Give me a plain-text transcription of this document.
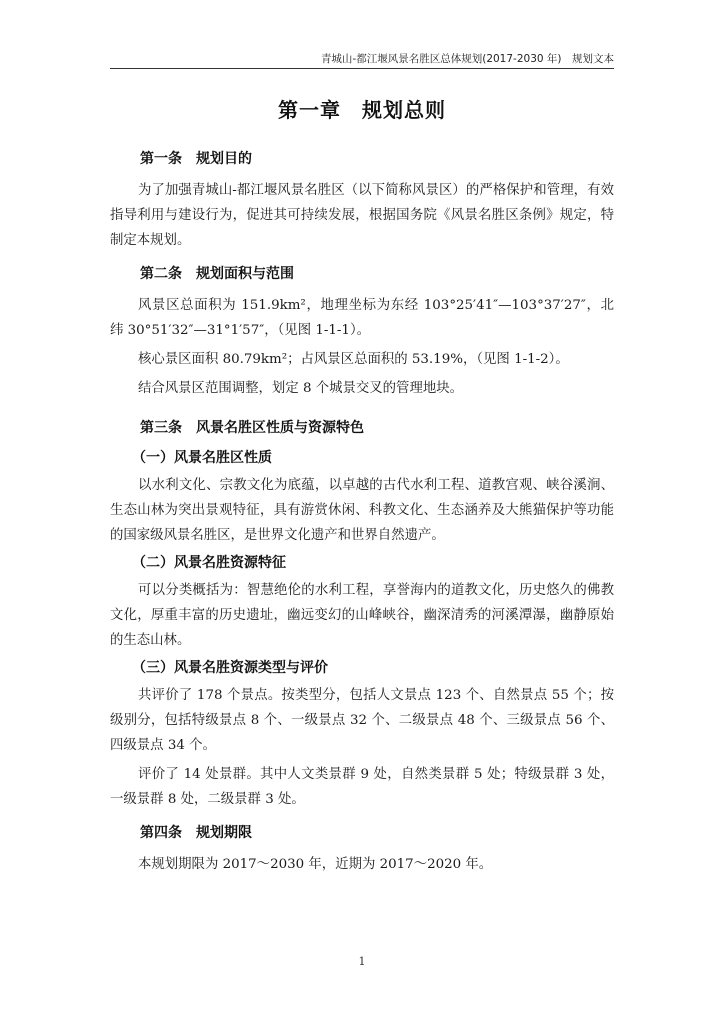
青城山-都江堰风景名胜区总体规划(2017-2030 年)　规划文本
第一章　规划总则
第一条　规划目的

为了加强青城山-都江堰风景名胜区（以下简称风景区）的严格保护和管理，有效指导利用与建设行为，促进其可持续发展，根据国务院《风景名胜区条例》规定，特制定本规划。

第二条　规划面积与范围

风景区总面积为 151.9km²，地理坐标为东经 103°25′41″—103°37′27″，北纬 30°51′32″—31°1′57″，（见图 1-1-1）。

核心景区面积 80.79km²；占风景区总面积的 53.19%，（见图 1-1-2）。

结合风景区范围调整，划定 8 个城景交叉的管理地块。

第三条　风景名胜区性质与资源特色
（一）风景名胜区性质

以水利文化、宗教文化为底蕴，以卓越的古代水利工程、道教宫观、峡谷溪涧、生态山林为突出景观特征，具有游赏休闲、科教文化、生态涵养及大熊猫保护等功能的国家级风景名胜区，是世界文化遗产和世界自然遗产。

（二）风景名胜资源特征

可以分类概括为：智慧绝伦的水利工程，享誉海内的道教文化，历史悠久的佛教文化，厚重丰富的历史遗址，幽远变幻的山峰峡谷，幽深清秀的河溪潭瀑，幽静原始的生态山林。

（三）风景名胜资源类型与评价

共评价了 178 个景点。按类型分，包括人文景点 123 个、自然景点 55 个；按级别分，包括特级景点 8 个、一级景点 32 个、二级景点 48 个、三级景点 56 个、四级景点 34 个。

评价了 14 处景群。其中人文类景群 9 处，自然类景群 5 处；特级景群 3 处，一级景群 8 处，二级景群 3 处。

第四条　规划期限

本规划期限为 2017～2030 年，近期为 2017～2020 年。

1
